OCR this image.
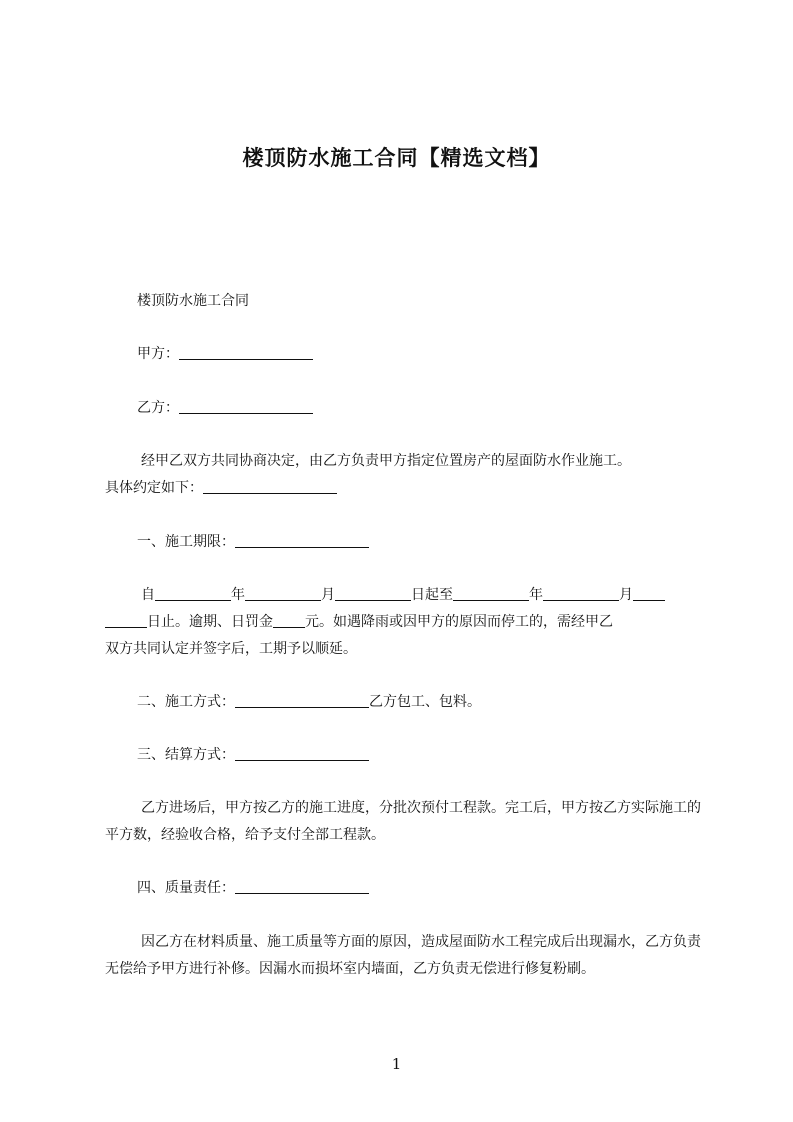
楼顶防水施工合同【精选文档】

楼顶防水施工合同

甲方：

乙方：

经甲乙双方共同协商决定，由乙方负责甲方指定位置房产的屋面防水作业施工。
具体约定如下：

一、施工期限：

自	年	月	日起至	年	月
日止。逾期、日罚金 元。如遇降雨或因甲方的原因而停工的，需经甲乙
双方共同认定并签字后，工期予以顺延。

二、施工方式：	乙方包工、包料。

三、结算方式：

乙方进场后，甲方按乙方的施工进度，分批次预付工程款。完工后，甲方按乙方实际施工的平方数，经验收合格，给予支付全部工程款。

四、质量责任：

因乙方在材料质量、施工质量等方面的原因，造成屋面防水工程完成后出现漏水，乙方负责无偿给予甲方进行补修。因漏水而损坏室内墙面，乙方负责无偿进行修复粉刷。

1
